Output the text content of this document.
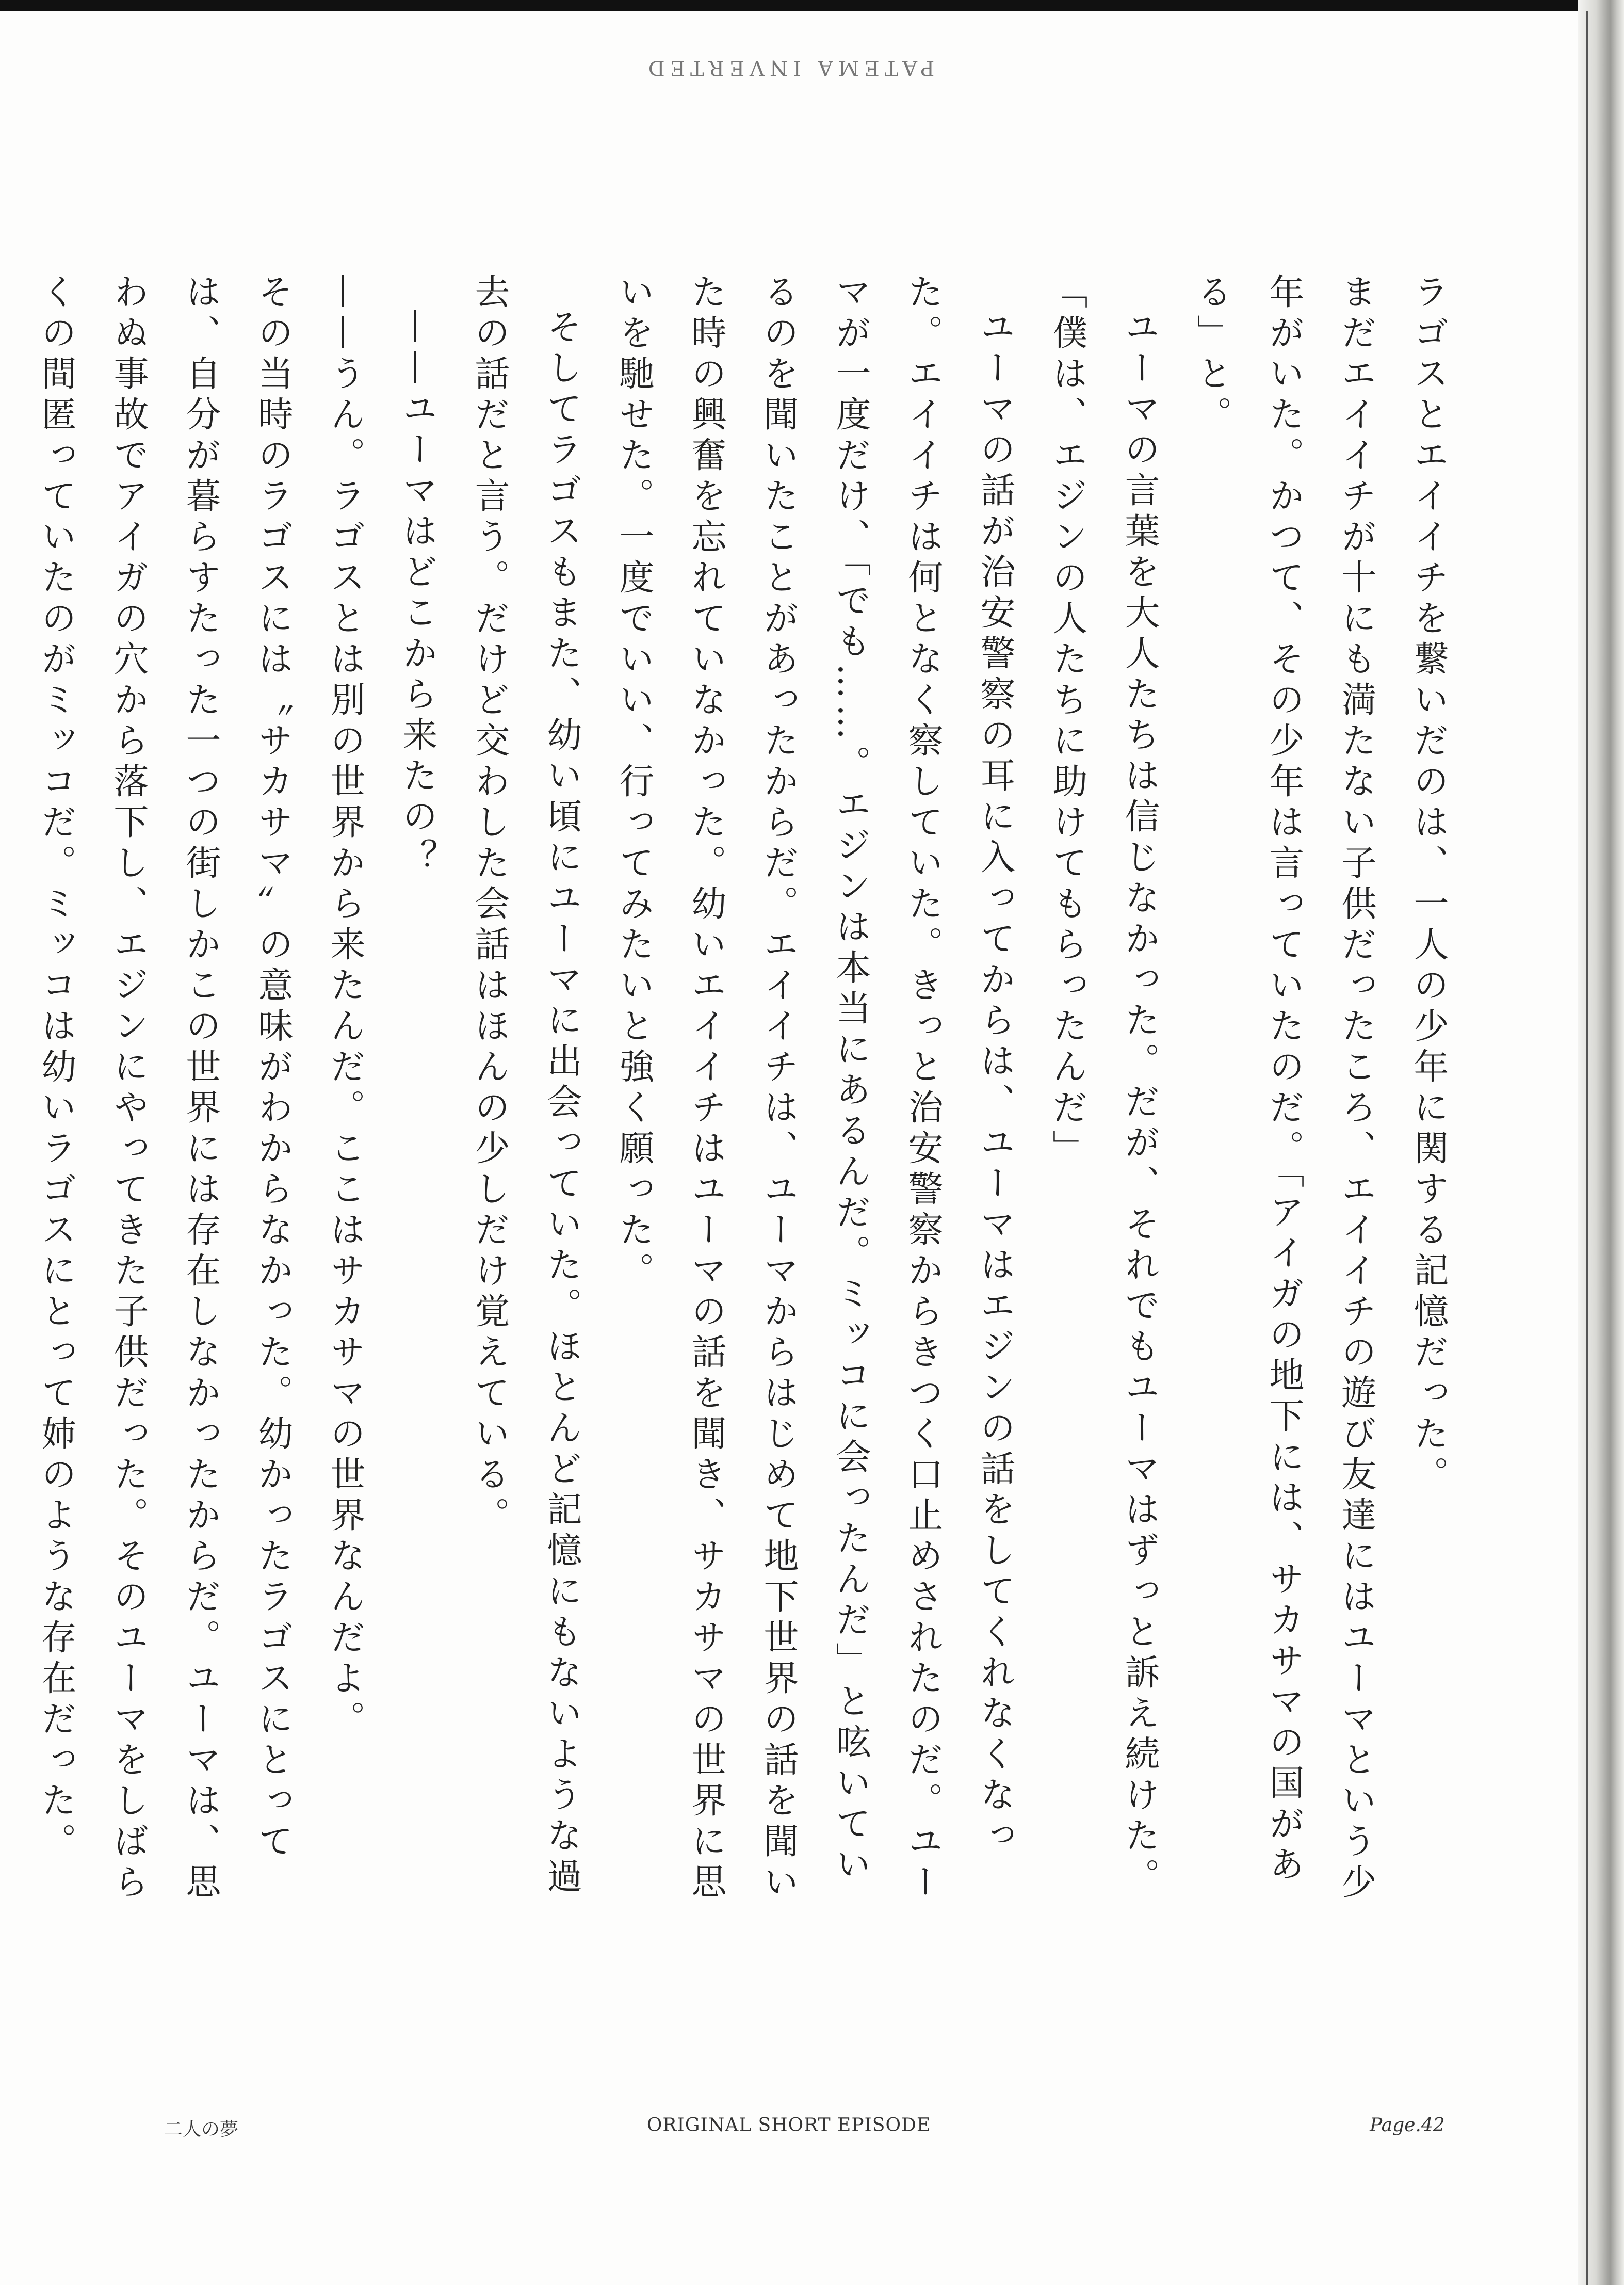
PATEMA INVERTED

ラゴスとエイイチを繋いだのは、一人の少年に関する記憶だった。

まだエイイチが十にも満たない子供だったころ、エイイチの遊び友達にはユーマという少年がいた。かつて、その少年は言っていたのだ。「アイガの地下には、サカサマの国がある」と。

ユーマの言葉を大人たちは信じなかった。だが、それでもユーマはずっと訴え続けた。

「僕は、エジンの人たちに助けてもらったんだ」

ユーマの話が治安警察の耳に入ってからは、ユーマはエジンの話をしてくれなくなった。エイイチは何となく察していた。きっと治安警察からきつく口止めされたのだ。ユーマが一度だけ、「でも……。エジンは本当にあるんだ。ミッコに会ったんだ」と呟いているのを聞いたことがあったからだ。エイイチは、ユーマからはじめて地下世界の話を聞いた時の興奮を忘れていなかった。幼いエイイチはユーマの話を聞き、サカサマの世界に思いを馳せた。一度でいい、行ってみたいと強く願った。

そしてラゴスもまた、幼い頃にユーマに出会っていた。ほとんど記憶にもないような過去の話だと言う。だけど交わした会話はほんの少しだけ覚えている。

——ユーマはどこから来たの？

——うん。ラゴスとは別の世界から来たんだ。ここはサカサマの世界なんだよ。

その当時のラゴスには〝サカサマ〟の意味がわからなかった。幼かったラゴスにとっては、自分が暮らすたった一つの街しかこの世界には存在しなかったからだ。ユーマは、思わぬ事故でアイガの穴から落下し、エジンにやってきた子供だった。そのユーマをしばらくの間匿っていたのがミッコだ。ミッコは幼いラゴスにとって姉のような存在だった。

二人の夢	ORIGINAL SHORT EPISODE	Page.42
